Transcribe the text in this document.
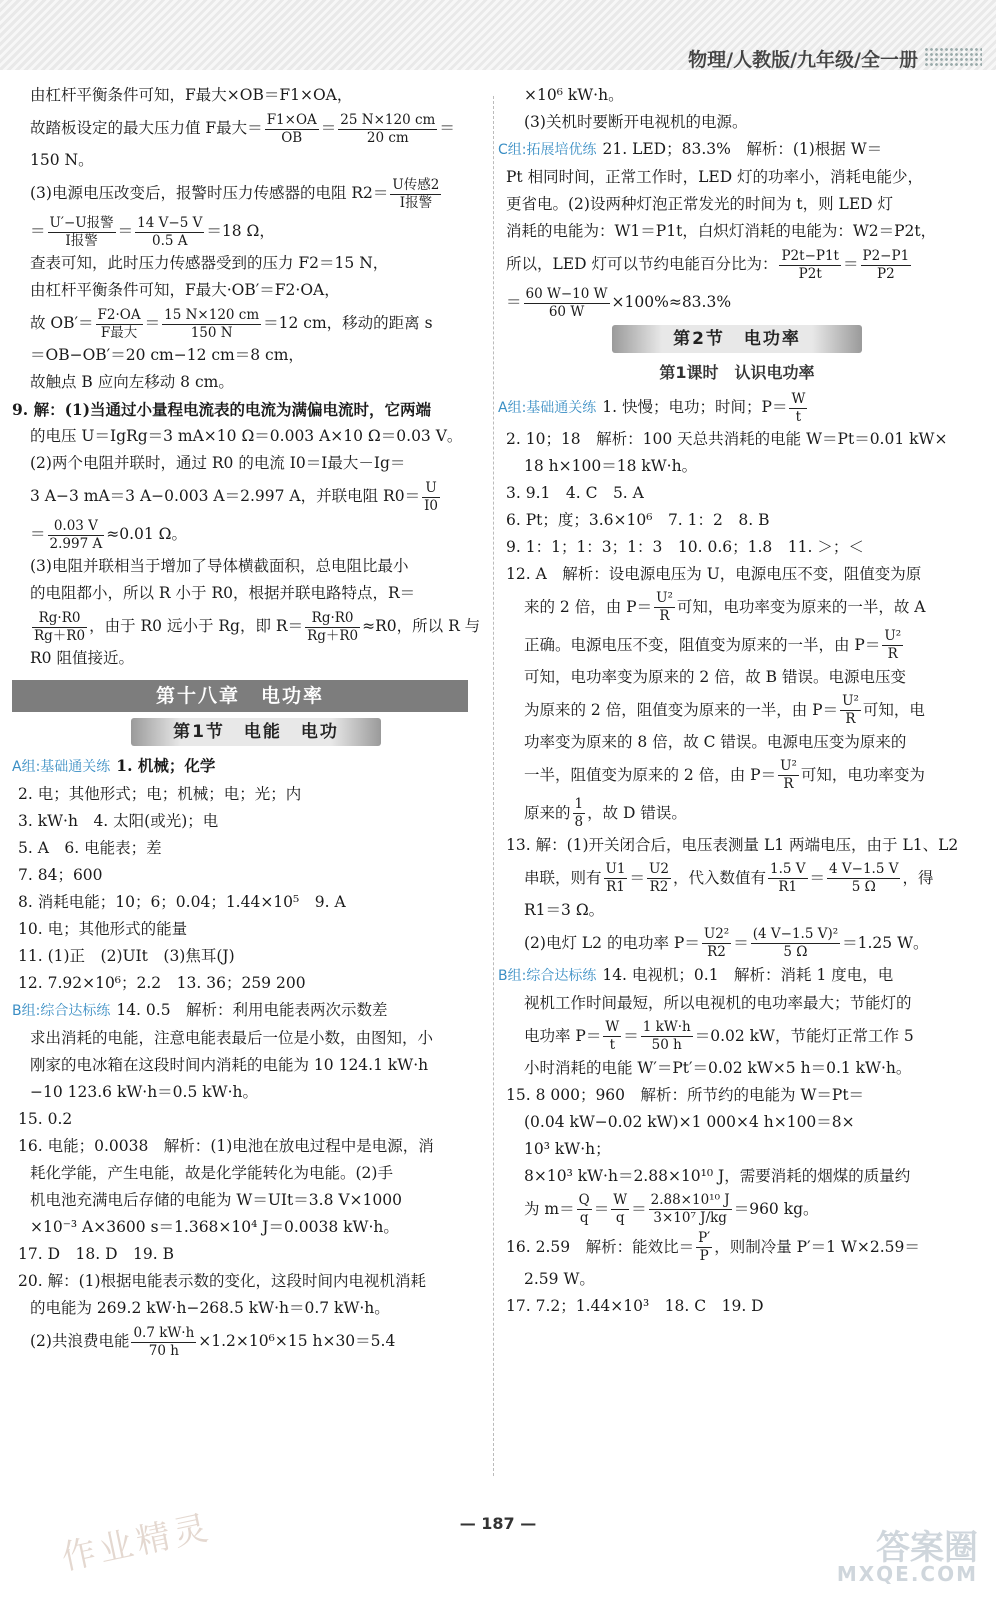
物理/人教版/九年级/全一册
由杠杆平衡条件可知，F最大×OB＝F1×OA，
故踏板设定的最大压力值 F最大＝ $\frac{F1\times OA}{OB} = \frac{25 N\times 120 cm}{20 cm}$ ＝
150 N。
(3)电源电压改变后，报警时压力传感器的电阻 $R2= \frac{\text{U传感2}}{\text{I报警}}$
＝ $\frac{\text{U′−U报警}}{\text{I报警}} = \frac{14 V-5 V}{0.5 A} =18$ Ω，
查表可知，此时压力传感器受到的压力 F2＝15 N，
由杠杆平衡条件可知，F最大·OB′＝F2·OA，
故 $OB'= \frac{F2\cdot OA}{\text{F最大}} = \frac{15 N\times 120 cm}{150 N} =12$ cm，移动的距离 s
＝OB−OB′＝20 cm−12 cm＝8 cm，
故触点 B 应向左移动 8 cm。
9. 解：(1)当通过小量程电流表的电流为满偏电流时，它两端
的电压 U＝IgRg＝3 mA×10 Ω＝0.003 A×10 Ω＝0.03 V。
(2)两个电阻并联时，通过 R0 的电流 I0＝I最大－Ig＝
3 A−3 mA＝3 A−0.003 A＝2.997 A，并联电阻 $R0= \frac{U}{I0}$
＝ $\frac{0.03 V}{2.997 A} \approx 0.01$ Ω。
(3)电阻并联相当于增加了导体横截面积，总电阻比最小
的电阻都小，所以 R 小于 R0，根据并联电路特点，R＝
$\frac{Rg\cdot R0}{Rg+R0}$ ，由于 R0 远小于 Rg，即 $R= \frac{Rg\cdot R0}{Rg+R0} \approx R0$，所以 R 与
R0 阻值接近。
第十八章　电功率
第1节　电能　电功
A组:基础通关练 1. 机械；化学
2. 电；其他形式；电；机械；电；光；内
3. kW·h　4. 太阳(或光)；电
5. A　6. 电能表；差
7. 84；600
8. 消耗电能；10；6；0.04；1.44×10⁵　9. A
10. 电；其他形式的能量
11. (1)正　(2)UIt　(3)焦耳(J)
12. 7.92×10⁶；2.2　13. 36；259 200
B组:综合达标练 14. 0.5　解析：利用电能表两次示数差
求出消耗的电能，注意电能表最后一位是小数，由图知，小
刚家的电冰箱在这段时间内消耗的电能为 10 124.1 kW·h
−10 123.6 kW·h＝0.5 kW·h。
15. 0.2
16. 电能；0.0038　解析：(1)电池在放电过程中是电源，消
耗化学能，产生电能，故是化学能转化为电能。(2)手
机电池充满电后存储的电能为 W＝UIt＝3.8 V×1000
×10⁻³ A×3600 s＝1.368×10⁴ J＝0.0038 kW·h。
17. D　18. D　19. B
20. 解：(1)根据电能表示数的变化，这段时间内电视机消耗
的电能为 269.2 kW·h−268.5 kW·h＝0.7 kW·h。
(2)共浪费电能 $\frac{0.7 kW\cdot h}{70 h} \times 1.2\times 10^6\times 15$ h×30＝5.4
×10⁶ kW·h。
(3)关机时要断开电视机的电源。
C组:拓展培优练 21. LED；83.3%　解析：(1)根据 W＝
Pt 相同时间，正常工作时，LED 灯的功率小，消耗电能少，
更省电。(2)设两种灯泡正常发光的时间为 t，则 LED 灯
消耗的电能为：W1＝P1t，白炽灯消耗的电能为：W2＝P2t，
所以，LED 灯可以节约电能百分比为： $\frac{P2t-P1t}{P2t} = \frac{P2-P1}{P2}$
＝ $\frac{60 W-10 W}{60 W} \times 100\%\approx 83.3\%$
第2节　电功率
第1课时　认识电功率
A组:基础通关练 1. 快慢；电功；时间；$P= \frac{W}{t}$
2. 10；18　解析：100 天总共消耗的电能 W＝Pt＝0.01 kW×
18 h×100＝18 kW·h。
3. 9.1　4. C　5. A
6. Pt；度；3.6×10⁶　7. 1：2　8. B
9. 1：1；1：3；1：3　10. 0.6；1.8　11. ＞；＜
12. A　解析：设电源电压为 U，电源电压不变，阻值变为原
来的 2 倍，由 $P= \frac{\text{U²}}{R}$ 可知，电功率变为原来的一半，故 A
正确。电源电压不变，阻值变为原来的一半，由 $P= \frac{\text{U²}}{R}$
可知，电功率变为原来的 2 倍，故 B 错误。电源电压变
为原来的 2 倍，阻值变为原来的一半，由 $P= \frac{\text{U²}}{R}$ 可知，电
功率变为原来的 8 倍，故 C 错误。电源电压变为原来的
一半，阻值变为原来的 2 倍，由 $P= \frac{\text{U²}}{R}$ 可知，电功率变为
原来的 $\frac{1}{8}$ ，故 D 错误。
13. 解：(1)开关闭合后，电压表测量 L1 两端电压，由于 L1、L2
串联，则有 $\frac{U1}{R1} = \frac{U2}{R2}$ ，代入数值有 $\frac{1.5 V}{R1} = \frac{4 V-1.5 V}{5 \Omega}$ ，得
R1＝3 Ω。
(2)电灯 L2 的电功率 $P= \frac{\text{U2²}}{R2} = \frac{\text{(4 V−1.5 V)²}}{5 \Omega} =1.25$ W。
B组:综合达标练 14. 电视机；0.1　解析：消耗 1 度电，电
视机工作时间最短，所以电视机的电功率最大；节能灯的
电功率 $P= \frac{W}{t} = \frac{1 kW\cdot h}{50 h} =0.02$ kW，节能灯正常工作 5
小时消耗的电能 W′＝Pt′＝0.02 kW×5 h＝0.1 kW·h。
15. 8 000；960　解析：所节约的电能为 W＝Pt＝
(0.04 kW−0.02 kW)×1 000×4 h×100＝8×
10³ kW·h；
8×10³ kW·h＝2.88×10¹⁰ J，需要消耗的烟煤的质量约
为 $m= \frac{Q}{q} = \frac{W}{q} = \frac{\text{2.88×10¹⁰ J}}{\text{3×10⁷ J/kg}} =960$ kg。
16. 2.59　解析：能效比＝ $\frac{P'}{P}$ ，则制冷量 P′＝1 W×2.59＝
2.59 W。
17. 7.2；1.44×10³　18. C　19. D
— 187 —
作业精灵	答案圈
MXQE.COM
